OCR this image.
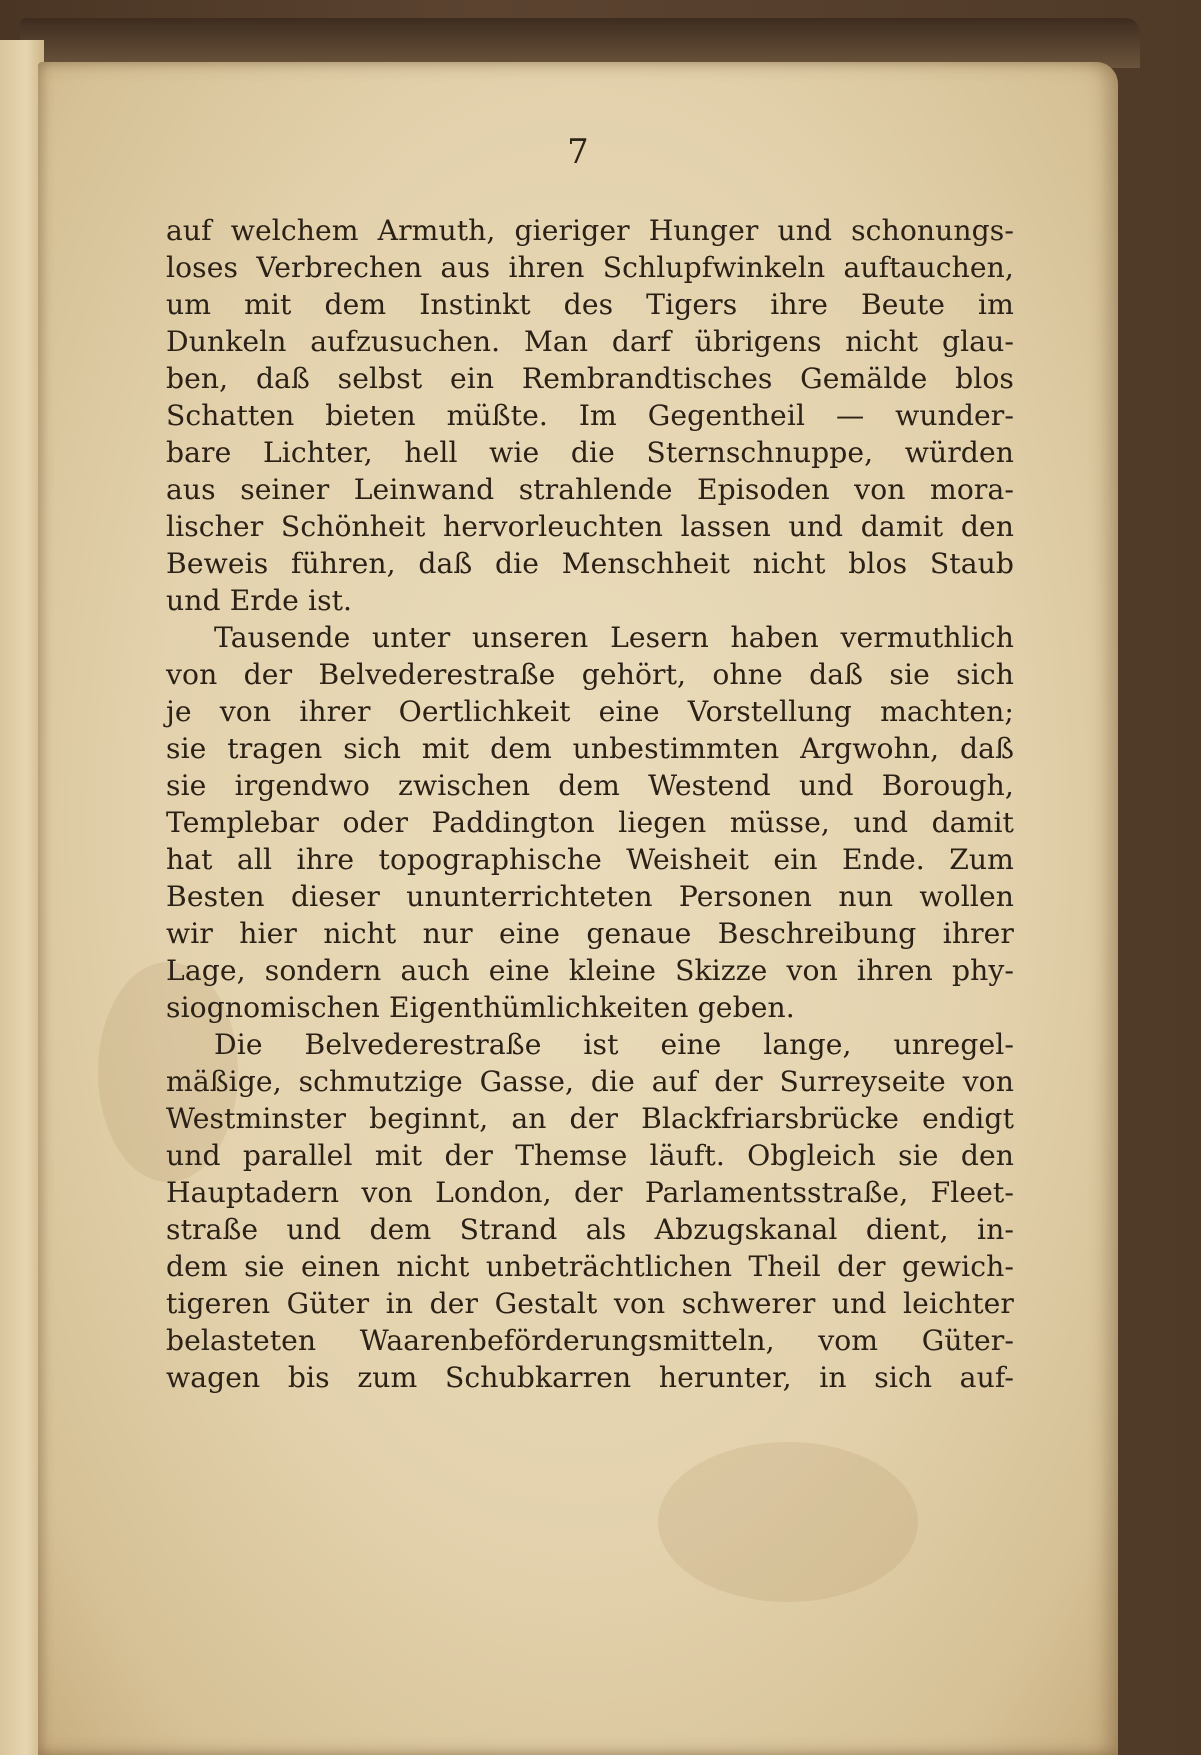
7
auf welchem Armuth, gieriger Hunger und schonungs-
loses Verbrechen aus ihren Schlupfwinkeln auftauchen,
um mit dem Instinkt des Tigers ihre Beute im
Dunkeln aufzusuchen. Man darf übrigens nicht glau-
ben, daß selbst ein Rembrandtisches Gemälde blos
Schatten bieten müßte. Im Gegentheil — wunder-
bare Lichter, hell wie die Sternschnuppe, würden
aus seiner Leinwand strahlende Episoden von mora-
lischer Schönheit hervorleuchten lassen und damit den
Beweis führen, daß die Menschheit nicht blos Staub
und Erde ist.
Tausende unter unseren Lesern haben vermuthlich
von der Belvederestraße gehört, ohne daß sie sich
je von ihrer Oertlichkeit eine Vorstellung machten;
sie tragen sich mit dem unbestimmten Argwohn, daß
sie irgendwo zwischen dem Westend und Borough,
Templebar oder Paddington liegen müsse, und damit
hat all ihre topographische Weisheit ein Ende. Zum
Besten dieser ununterrichteten Personen nun wollen
wir hier nicht nur eine genaue Beschreibung ihrer
Lage, sondern auch eine kleine Skizze von ihren phy-
siognomischen Eigenthümlichkeiten geben.
Die Belvederestraße ist eine lange, unregel-
mäßige, schmutzige Gasse, die auf der Surreyseite von
Westminster beginnt, an der Blackfriarsbrücke endigt
und parallel mit der Themse läuft. Obgleich sie den
Hauptadern von London, der Parlamentsstraße, Fleet-
straße und dem Strand als Abzugskanal dient, in-
dem sie einen nicht unbeträchtlichen Theil der gewich-
tigeren Güter in der Gestalt von schwerer und leichter
belasteten Waarenbeförderungsmitteln, vom Güter-
wagen bis zum Schubkarren herunter, in sich auf-
